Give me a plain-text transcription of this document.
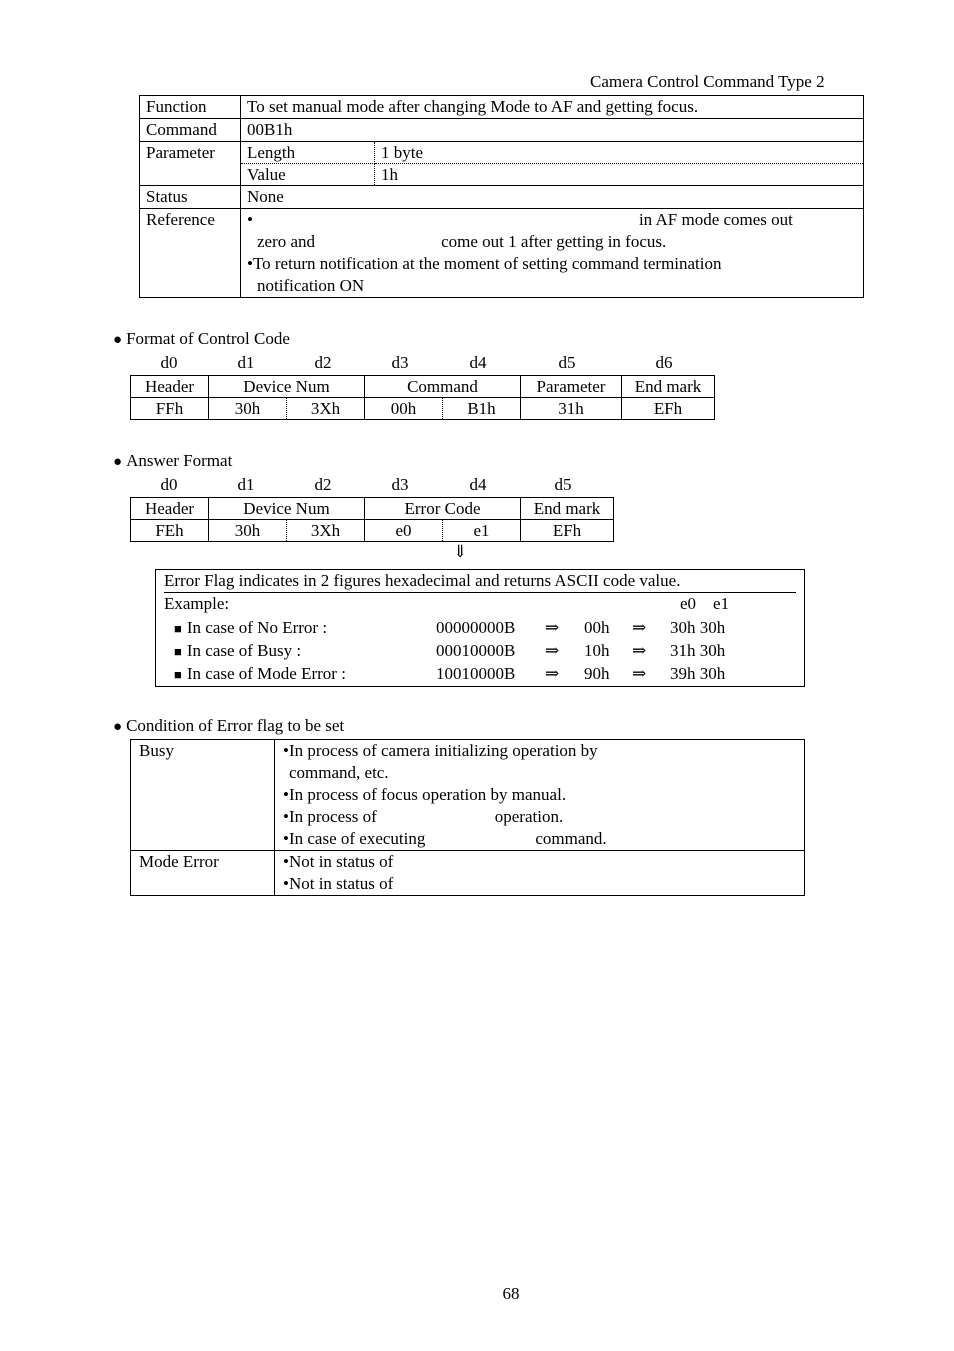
Camera Control Command Type 2
Function	To set manual mode after changing Mode to AF and getting focus.
Command	00B1h
Parameter	Length	1 byte
Value	1h

Status	None
Reference	•	in AF mode comes out
zero and	come out 1 after getting in focus.
•To return notification at the moment of setting command termination
notification ON
● Format of Control Code
d0	d1	d2	d3	d4	d5	d6
Header	Device Num		Command		Parameter	End mark
FFh	30h	3Xh	00h	B1h	31h	EFh
● Answer Format
d0	d1	d2	d3	d4	d5
Header	Device Num		Error Code		End mark
FEh	30h	3Xh	e0	e1	EFh
⇓
Error Flag indicates in 2 figures hexadecimal and returns ASCII code value.
Example:	e0    e1
■ In case of No Error :	00000000B ⇒ 00h ⇒ 30h 30h
■ In case of Busy :	00010000B ⇒ 10h ⇒ 31h 30h
■ In case of Mode Error :	10010000B ⇒ 90h ⇒ 39h 30h
● Condition of Error flag to be set
Busy	•In process of camera initializing operation by
command, etc.
•In process of focus operation by manual.
•In process of operation.
•In case of executing command.

Mode Error	•Not in status of
•Not in status of
68
